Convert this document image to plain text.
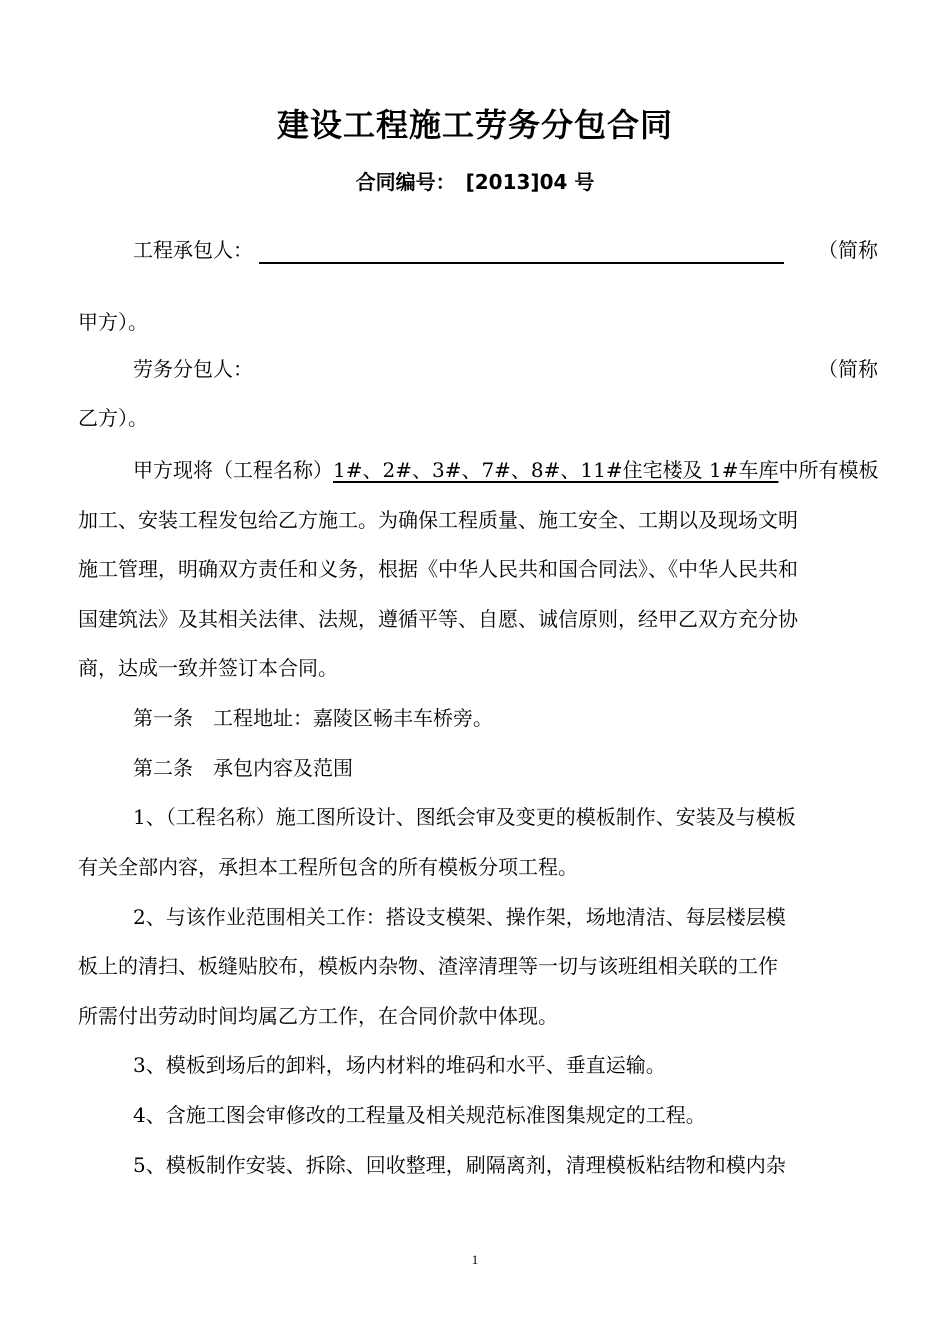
建设工程施工劳务分包合同
合同编号：　[2013]04 号
工程承包人：	（简称
甲方）。
劳务分包人：	（简称
乙方）。
甲方现将（工程名称）1#、2#、3#、7#、8#、11#住宅楼及 1#车库中所有模板
加工、安装工程发包给乙方施工。为确保工程质量、施工安全、工期以及现场文明
施工管理，明确双方责任和义务，根据《中华人民共和国合同法》、《中华人民共和
国建筑法》及其相关法律、法规，遵循平等、自愿、诚信原则，经甲乙双方充分协
商，达成一致并签订本合同。
第一条　工程地址：嘉陵区畅丰车桥旁。
第二条　承包内容及范围
1、（工程名称）施工图所设计、图纸会审及变更的模板制作、安装及与模板
有关全部内容，承担本工程所包含的所有模板分项工程。
2、与该作业范围相关工作：搭设支模架、操作架，场地清洁、每层楼层模
板上的清扫、板缝贴胶布，模板内杂物、渣滓清理等一切与该班组相关联的工作
所需付出劳动时间均属乙方工作，在合同价款中体现。
3、模板到场后的卸料，场内材料的堆码和水平、垂直运输。
4、含施工图会审修改的工程量及相关规范标准图集规定的工程。
5、模板制作安装、拆除、回收整理，刷隔离剂，清理模板粘结物和模内杂
1
